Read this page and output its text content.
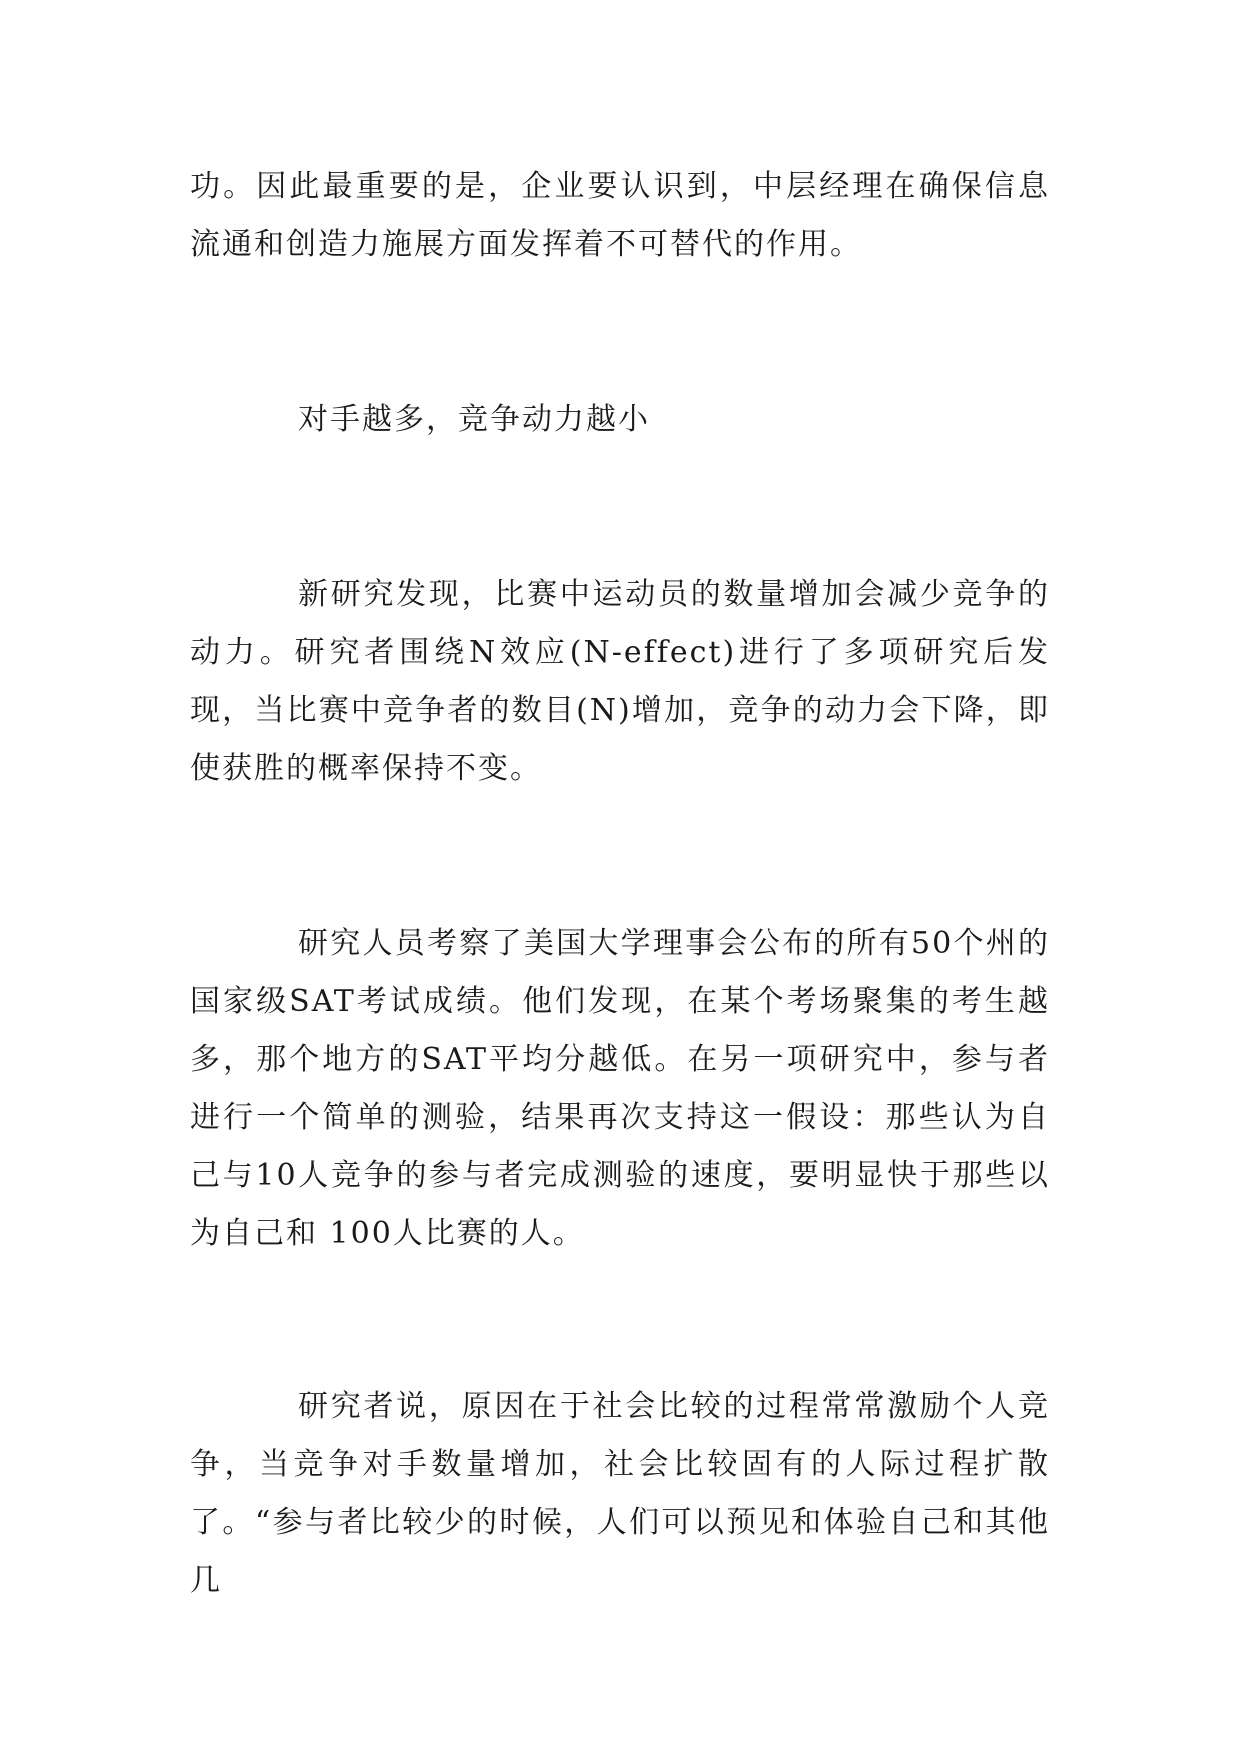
功。因此最重要的是，企业要认识到，中层经理在确保信息流通和创造力施展方面发挥着不可替代的作用。

对手越多，竞争动力越小

新研究发现，比赛中运动员的数量增加会减少竞争的动力。研究者围绕N效应(N-effect)进行了多项研究后发现，当比赛中竞争者的数目(N)增加，竞争的动力会下降，即使获胜的概率保持不变。

研究人员考察了美国大学理事会公布的所有50个州的国家级SAT考试成绩。他们发现，在某个考场聚集的考生越多，那个地方的SAT平均分越低。在另一项研究中，参与者进行一个简单的测验，结果再次支持这一假设：那些认为自己与10人竞争的参与者完成测验的速度，要明显快于那些以为自己和 100人比赛的人。

研究者说，原因在于社会比较的过程常常激励个人竞争，当竞争对手数量增加，社会比较固有的人际过程扩散了。“参与者比较少的时候，人们可以预见和体验自己和其他几
